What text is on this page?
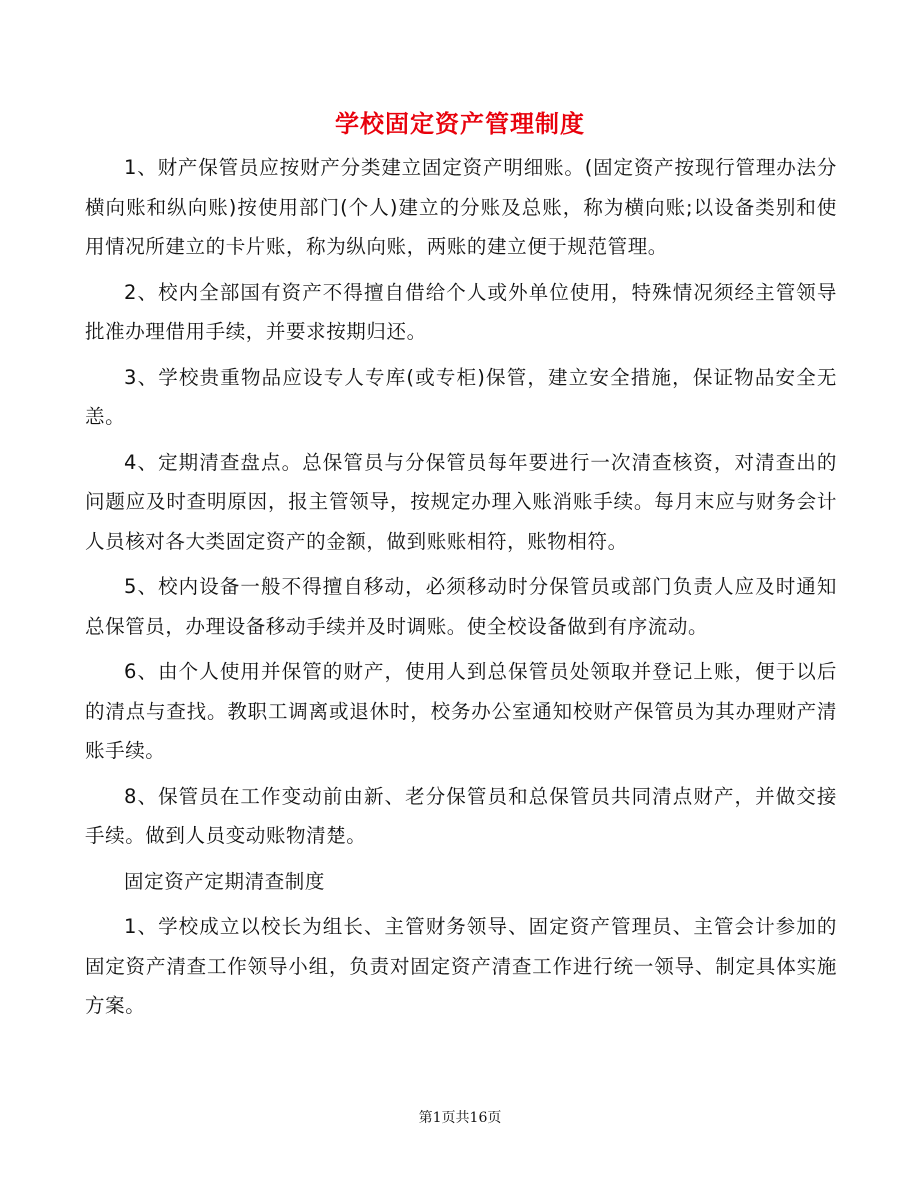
学校固定资产管理制度

1、财产保管员应按财产分类建立固定资产明细账。(固定资产按现行管理办法分横向账和纵向账)按使用部门(个人)建立的分账及总账，称为横向账;以设备类别和使用情况所建立的卡片账，称为纵向账，两账的建立便于规范管理。

2、校内全部国有资产不得擅自借给个人或外单位使用，特殊情况须经主管领导批准办理借用手续，并要求按期归还。

3、学校贵重物品应设专人专库(或专柜)保管，建立安全措施，保证物品安全无恙。

4、定期清查盘点。总保管员与分保管员每年要进行一次清查核资，对清查出的问题应及时查明原因，报主管领导，按规定办理入账消账手续。每月末应与财务会计人员核对各大类固定资产的金额，做到账账相符，账物相符。

5、校内设备一般不得擅自移动，必须移动时分保管员或部门负责人应及时通知总保管员，办理设备移动手续并及时调账。使全校设备做到有序流动。

6、由个人使用并保管的财产，使用人到总保管员处领取并登记上账，便于以后的清点与查找。教职工调离或退休时，校务办公室通知校财产保管员为其办理财产清账手续。

8、保管员在工作变动前由新、老分保管员和总保管员共同清点财产，并做交接手续。做到人员变动账物清楚。

固定资产定期清查制度

1、学校成立以校长为组长、主管财务领导、固定资产管理员、主管会计参加的固定资产清查工作领导小组，负责对固定资产清查工作进行统一领导、制定具体实施方案。

第1页共16页
